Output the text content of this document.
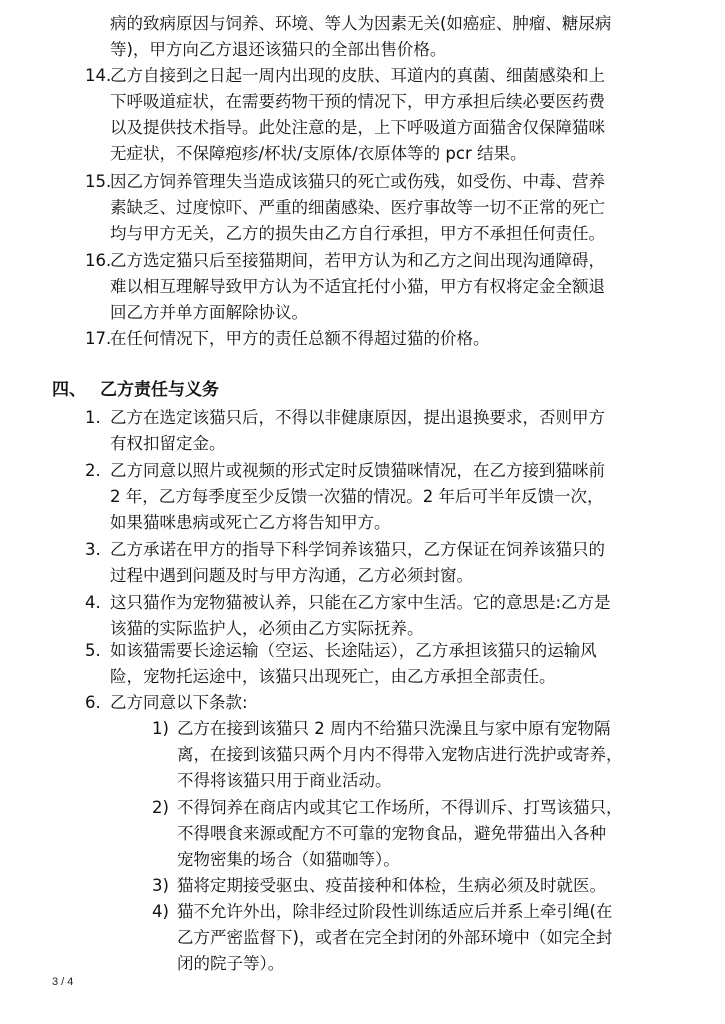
病的致病原因与饲养、环境、等人为因素无关(如癌症、肿瘤、糖尿病
等)，甲方向乙方退还该猫只的全部出售价格。
14.
乙方自接到之日起一周内出现的皮肤、耳道内的真菌、细菌感染和上
下呼吸道症状，在需要药物干预的情况下，甲方承担后续必要医药费
以及提供技术指导。此处注意的是，上下呼吸道方面猫舍仅保障猫咪
无症状，不保障疱疹/杯状/支原体/衣原体等的 pcr 结果。
15.
因乙方饲养管理失当造成该猫只的死亡或伤残，如受伤、中毒、营养
素缺乏、过度惊吓、严重的细菌感染、医疗事故等一切不正常的死亡
均与甲方无关，乙方的损失由乙方自行承担，甲方不承担任何责任。
16.
乙方选定猫只后至接猫期间，若甲方认为和乙方之间出现沟通障碍，
难以相互理解导致甲方认为不适宜托付小猫，甲方有权将定金全额退
回乙方并单方面解除协议。
17.
在任何情况下，甲方的责任总额不得超过猫的价格。
四、 乙方责任与义务
1. 乙方在选定该猫只后，不得以非健康原因，提出退换要求，否则甲方
有权扣留定金。
2. 乙方同意以照片或视频的形式定时反馈猫咪情况，在乙方接到猫咪前
2 年，乙方每季度至少反馈一次猫的情况。2 年后可半年反馈一次，
如果猫咪患病或死亡乙方将告知甲方。
3. 乙方承诺在甲方的指导下科学饲养该猫只，乙方保证在饲养该猫只的
过程中遇到问题及时与甲方沟通，乙方必须封窗。
4. 这只猫作为宠物猫被认养，只能在乙方家中生活。它的意思是:乙方是
该猫的实际监护人，必须由乙方实际抚养。
5. 如该猫需要长途运输（空运、长途陆运），乙方承担该猫只的运输风
险，宠物托运途中，该猫只出现死亡，由乙方承担全部责任。
6. 乙方同意以下条款:
1) 乙方在接到该猫只 2 周内不给猫只洗澡且与家中原有宠物隔
离，在接到该猫只两个月内不得带入宠物店进行洗护或寄养，
不得将该猫只用于商业活动。
2) 不得饲养在商店内或其它工作场所，不得训斥、打骂该猫只，
不得喂食来源或配方不可靠的宠物食品，避免带猫出入各种
宠物密集的场合（如猫咖等）。
3) 猫将定期接受驱虫、疫苗接种和体检，生病必须及时就医。
4) 猫不允许外出，除非经过阶段性训练适应后并系上牵引绳(在
乙方严密监督下)，或者在完全封闭的外部环境中（如完全封
闭的院子等）。
3 / 4
